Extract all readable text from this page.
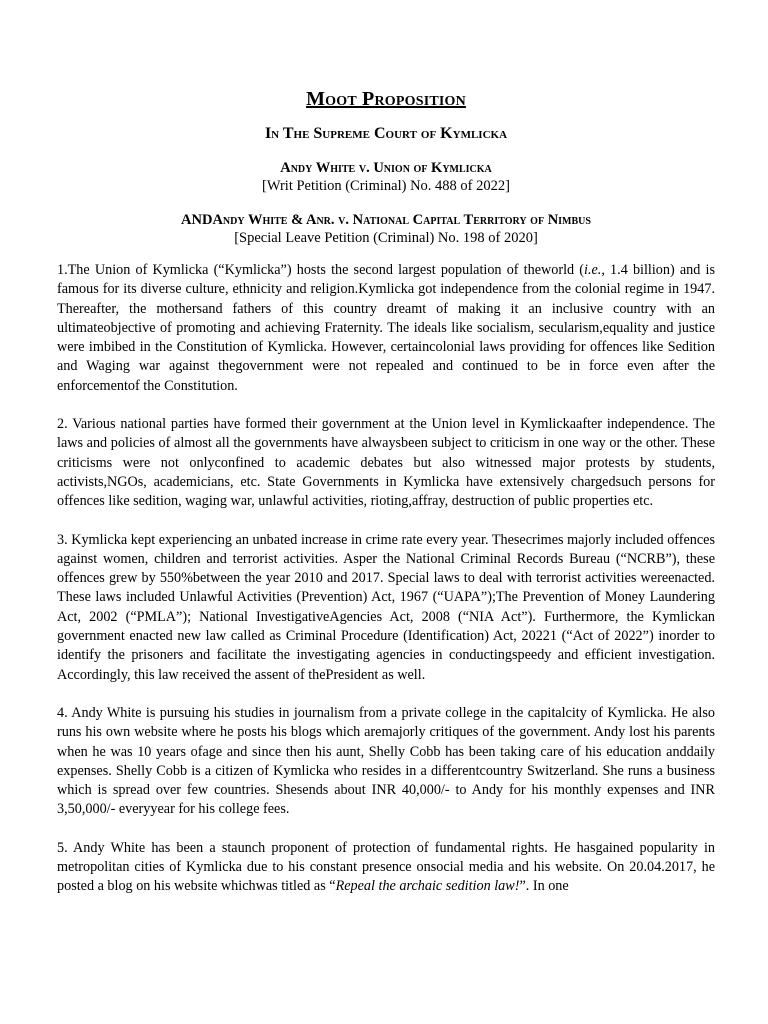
Moot Proposition
In The Supreme Court of Kymlicka
Andy White v. Union of Kymlicka
[Writ Petition (Criminal) No. 488 of 2022]
ANDAndy White & Anr. v. National Capital Territory of Nimbus
[Special Leave Petition (Criminal) No. 198 of 2020]

1.The Union of Kymlicka (“Kymlicka”) hosts the second largest population of theworld (i.e., 1.4 billion) and is famous for its diverse culture, ethnicity and religion.Kymlicka got independence from the colonial regime in 1947. Thereafter, the mothersand fathers of this country dreamt of making it an inclusive country with an ultimateobjective of promoting and achieving Fraternity. The ideals like socialism, secularism,equality and justice were imbibed in the Constitution of Kymlicka. However, certaincolonial laws providing for offences like Sedition and Waging war against thegovernment were not repealed and continued to be in force even after the enforcementof the Constitution.

2. Various national parties have formed their government at the Union level in Kymlickaafter independence. The laws and policies of almost all the governments have alwaysbeen subject to criticism in one way or the other. These criticisms were not onlyconfined to academic debates but also witnessed major protests by students, activists,NGOs, academicians, etc. State Governments in Kymlicka have extensively chargedsuch persons for offences like sedition, waging war, unlawful activities, rioting,affray, destruction of public properties etc.

3. Kymlicka kept experiencing an unbated increase in crime rate every year. Thesecrimes majorly included offences against women, children and terrorist activities. Asper the National Criminal Records Bureau (“NCRB”), these offences grew by 550%between the year 2010 and 2017. Special laws to deal with terrorist activities wereenacted. These laws included Unlawful Activities (Prevention) Act, 1967 (“UAPA”);The Prevention of Money Laundering Act, 2002 (“PMLA”); National InvestigativeAgencies Act, 2008 (“NIA Act”). Furthermore, the Kymlickan government enacted new law called as Criminal Procedure (Identification) Act, 20221 (“Act of 2022”) inorder to identify the prisoners and facilitate the investigating agencies in conductingspeedy and efficient investigation. Accordingly, this law received the assent of thePresident as well.

4. Andy White is pursuing his studies in journalism from a private college in the capitalcity of Kymlicka. He also runs his own website where he posts his blogs which aremajorly critiques of the government. Andy lost his parents when he was 10 years ofage and since then his aunt, Shelly Cobb has been taking care of his education anddaily expenses. Shelly Cobb is a citizen of Kymlicka who resides in a differentcountry Switzerland. She runs a business which is spread over few countries. Shesends about INR 40,000/- to Andy for his monthly expenses and INR 3,50,000/- everyyear for his college fees.

5. Andy White has been a staunch proponent of protection of fundamental rights. He hasgained popularity in metropolitan cities of Kymlicka due to his constant presence onsocial media and his website. On 20.04.2017, he posted a blog on his website whichwas titled as “Repeal the archaic sedition law!”. In one
